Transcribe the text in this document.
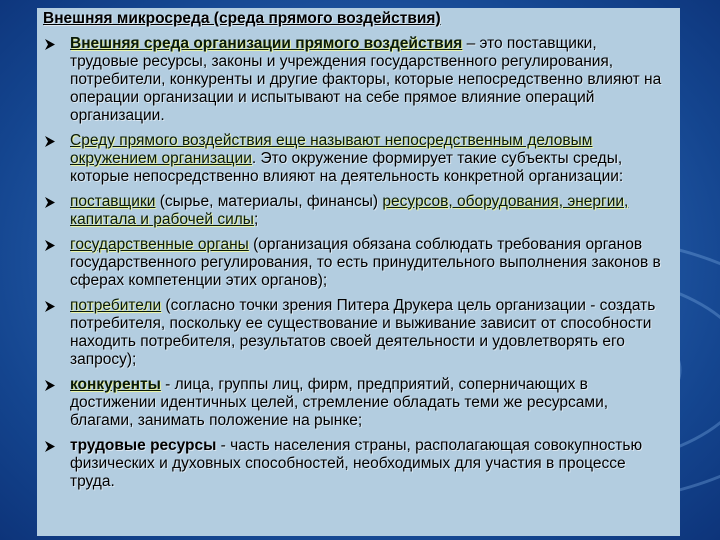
Внешняя микросреда (среда прямого воздействия)
Внешняя среда организации прямого воздействия – это поставщики, трудовые ресурсы, законы и учреждения государственного регулирования, потребители, конкуренты и другие факторы, которые непосредственно влияют на операции организации и испытывают на себе прямое влияние операций организации.
Среду прямого воздействия еще называют непосредственным деловым окружением организации. Это окружение формирует такие субъекты среды, которые непосредственно влияют на деятельность конкретной организации:
поставщики (сырье, материалы, финансы) ресурсов, оборудования, энергии, капитала и рабочей силы;
государственные органы (организация обязана соблюдать требования органов государственного регулирования, то есть принудительного выполнения законов в сферах компетенции этих органов);
потребители (согласно точки зрения Питера Друкера цель организации - создать потребителя, поскольку ее существование и выживание зависит от способности находить потребителя, результатов своей деятельности и удовлетворять его запросу);
конкуренты - лица, группы лиц, фирм, предприятий, соперничающих в достижении идентичных целей, стремление обладать теми же ресурсами, благами, занимать положение на рынке;
трудовые ресурсы - часть населения страны, располагающая совокупностью физических и духовных способностей, необходимых для участия в процессе труда.
